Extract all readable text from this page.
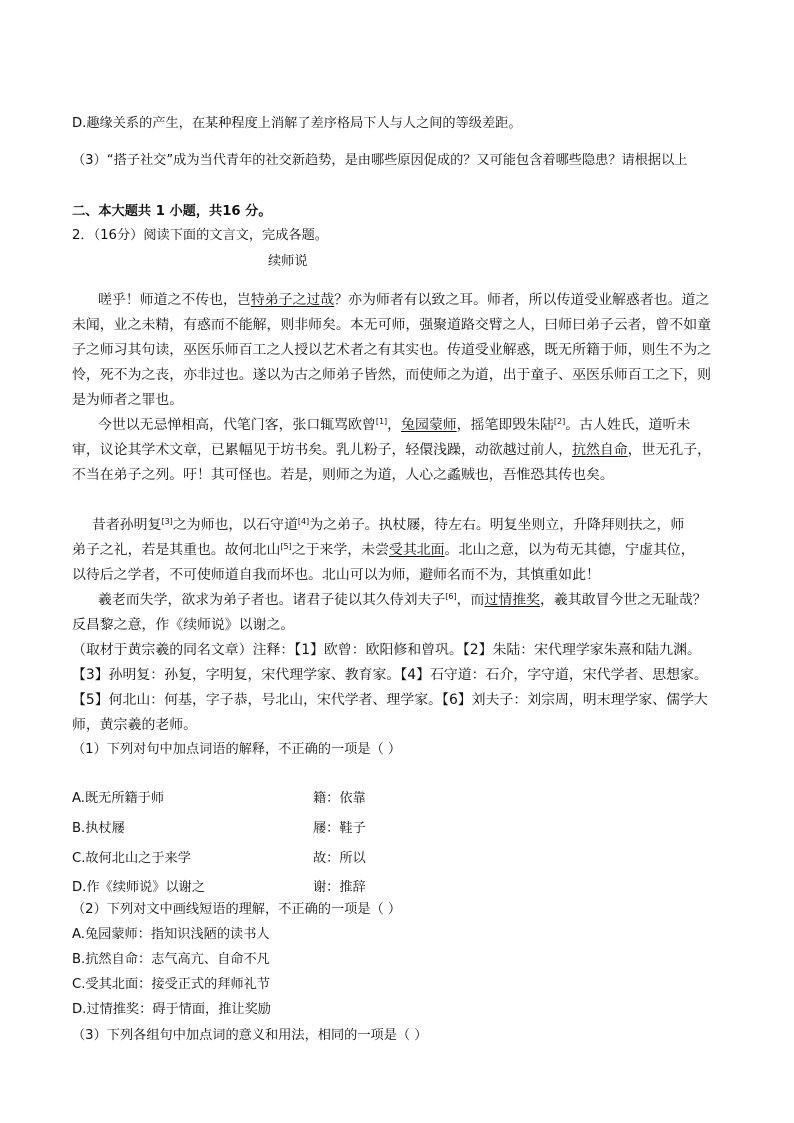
D.趣缘关系的产生，在某种程度上消解了差序格局下人与人之间的等级差距。
（3）“搭子社交”成为当代青年的社交新趋势，是由哪些原因促成的？又可能包含着哪些隐患？请根据以上
二、本大题共 1 小题，共16 分。
2．（16分）阅读下面的文言文，完成各题。
续师说
嗟乎！师道之不传也，岂特弟子之过哉？亦为师者有以致之耳。师者，所以传道受业解惑者也。道之
未闻，业之未精，有惑而不能解，则非师矣。本无可师，强聚道路交臂之人，曰师曰弟子云者，曾不如童
子之师习其句读，巫医乐师百工之人授以艺术者之有其实也。传道受业解惑，既无所籍于师，则生不为之
怜，死不为之丧，亦非过也。遂以为古之师弟子皆然，而使师之为道，出于童子、巫医乐师百工之下，则
是为师者之罪也。
今世以无忌惮相高，代笔门客，张口辄骂欧曾[1]，兔园蒙师，摇笔即毁朱陆[2]。古人姓氏，道听未
审，议论其学术文章，已累幅见于坊书矣。乳儿粉子，轻儇浅躁，动欲越过前人，抗然自命，世无孔子，
不当在弟子之列。吁！其可怪也。若是，则师之为道，人心之蟊贼也，吾惟恐其传也矣。
昔者孙明复[3]之为师也，以石守道[4]为之弟子。执杖屦，待左右。明复坐则立，升降拜则扶之，师
弟子之礼，若是其重也。故何北山[5]之于来学，未尝受其北面。北山之意，以为苟无其德，宁虚其位，
以待后之学者，不可使师道自我而坏也。北山可以为师，避师名而不为，其慎重如此！
羲老而失学，欲求为弟子者也。诸君子徒以其久侍刘夫子[6]，而过情推奖，羲其敢冒今世之无耻哉？
反昌黎之意，作《续师说》以谢之。
（取材于黄宗羲的同名文章）注释：【1】欧曾：欧阳修和曾巩。【2】朱陆：宋代理学家朱熹和陆九渊。
【3】孙明复：孙复，字明复，宋代理学家、教育家。【4】石守道：石介，字守道，宋代学者、思想家。
【5】何北山：何基，字子恭，号北山，宋代学者、理学家。【6】刘夫子：刘宗周，明末理学家、儒学大
师，黄宗羲的老师。
（1）下列对句中加点词语的解释，不正确的一项是（ ）
A.既无所籍于师	籍：依靠
B.执杖屦	屦：鞋子
C.故何北山之于来学	故：所以
D.作《续师说》以谢之	谢：推辞
（2）下列对文中画线短语的理解，不正确的一项是（ ）
A.兔园蒙师：指知识浅陋的读书人
B.抗然自命：志气高亢、自命不凡
C.受其北面：接受正式的拜师礼节
D.过情推奖：碍于情面，推让奖励
（3）下列各组句中加点词的意义和用法，相同的一项是（ ）
